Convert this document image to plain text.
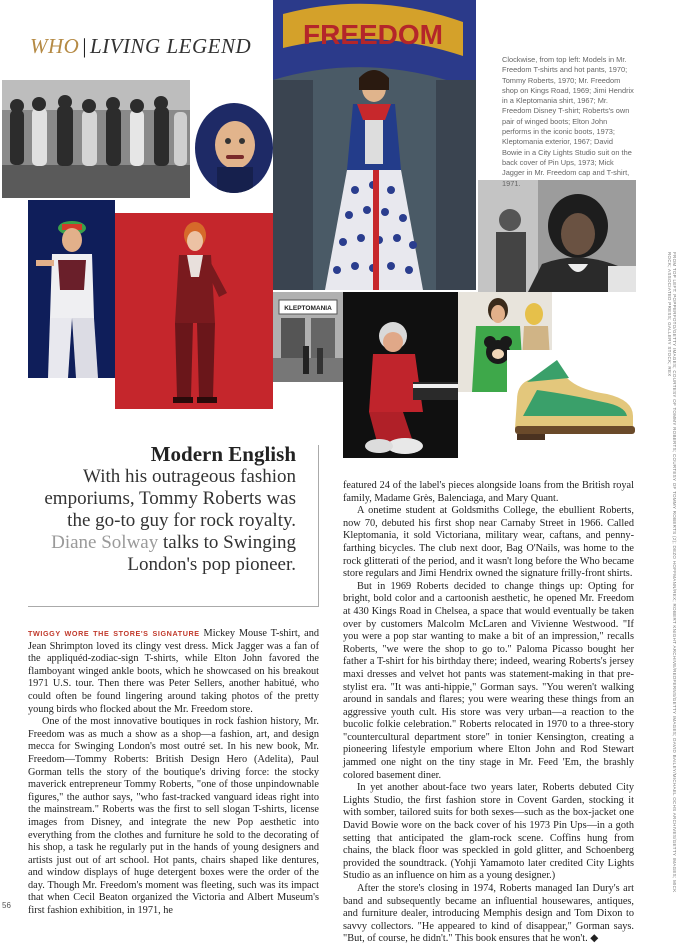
WHO | LIVING LEGEND FREEDOM
KLEPTOMANIA
Clockwise, from top left: Models in Mr. Freedom T-shirts and hot pants, 1970; Tommy Roberts, 1970; Mr. Freedom shop on Kings Road, 1969; Jimi Hendrix in a Kleptomania shirt, 1967; Mr. Freedom Disney T-shirt; Roberts's own pair of winged boots; Elton John performs in the iconic boots, 1973; Kleptomania exterior, 1967; David Bowie in a City Lights Studio suit on the back cover of Pin Ups, 1973; Mick Jagger in Mr. Freedom cap and T-shirt, 1971.
FROM TOP LEFT: POPPERFOTO/GETTY IMAGES; COURTESY OF TOMMY ROBERTS; COURTESY OF TOMMY ROBERTS (2); DEZO HOFFMANN/REX; ROBERT KNIGHT ARCHIVE/REDFERNS/GETTY IMAGES; DAVID BAILEY/MICHAEL OCHS ARCHIVES/GETTY IMAGES; MICK ROCK; ASSOCIATED PRESS; GALLERY STOCK; REX
Modern English
With his outrageous fashion emporiums, Tommy Roberts was the go-to guy for rock royalty. Diane Solway talks to Swinging London's pop pioneer.

TWIGGY WORE THE STORE'S SIGNATURE Mickey Mouse T-shirt, and Jean Shrimpton loved its clingy vest dress. Mick Jagger was a fan of the appliquéd-zodiac-sign T-shirts, while Elton John favored the flamboyant winged ankle boots, which he showcased on his breakout 1971 U.S. tour. Then there was Peter Sellers, another habitué, who could often be found lingering around taking photos of the pretty young birds who flocked about the Mr. Freedom store.

One of the most innovative boutiques in rock fashion history, Mr. Freedom was as much a show as a shop—a fashion, art, and design mecca for Swinging London's most outré set. In his new book, Mr. Freedom—Tommy Roberts: British Design Hero (Adelita), Paul Gorman tells the story of the boutique's driving force: the stocky maverick entrepreneur Tommy Roberts, "one of those unpindownable figures," the author says, "who fast-tracked vanguard ideas right into the mainstream." Roberts was the first to sell slogan T-shirts, license images from Disney, and integrate the new Pop aesthetic into everything from the clothes and furniture he sold to the decorating of his shop, a task he regularly put in the hands of young designers and artists just out of art school. Hot pants, chairs shaped like dentures, and window displays of huge detergent boxes were the order of the day. Though Mr. Freedom's moment was fleeting, such was its impact that when Cecil Beaton organized the Victoria and Albert Museum's first fashion exhibition, in 1971, he

featured 24 of the label's pieces alongside loans from the British royal family, Madame Grès, Balenciaga, and Mary Quant.

A onetime student at Goldsmiths College, the ebullient Roberts, now 70, debuted his first shop near Carnaby Street in 1966. Called Kleptomania, it sold Victoriana, military wear, caftans, and penny-farthing bicycles. The club next door, Bag O'Nails, was home to the rock glitterati of the period, and it wasn't long before the Who became store regulars and Jimi Hendrix owned the signature frilly-front shirts.

But in 1969 Roberts decided to change things up: Opting for bright, bold color and a cartoonish aesthetic, he opened Mr. Freedom at 430 Kings Road in Chelsea, a space that would eventually be taken over by customers Malcolm McLaren and Vivienne Westwood. "If you were a pop star wanting to make a bit of an impression," recalls Roberts, "we were the shop to go to." Paloma Picasso bought her father a T-shirt for his birthday there; indeed, wearing Roberts's jersey maxi dresses and velvet hot pants was statement-making in that pre-stylist era. "It was anti-hippie," Gorman says. "You weren't walking around in sandals and flares; you were wearing these things from an aggressive youth cult. His store was very urban—a reaction to the bucolic folkie celebration." Roberts relocated in 1970 to a three-story "countercultural department store" in tonier Kensington, creating a pioneering lifestyle emporium where Elton John and Rod Stewart jammed one night on the tiny stage in Mr. Feed 'Em, the brashly colored basement diner.

In yet another about-face two years later, Roberts debuted City Lights Studio, the first fashion store in Covent Garden, stocking it with somber, tailored suits for both sexes—such as the box-jacket one David Bowie wore on the back cover of his 1973 Pin Ups—in a goth setting that anticipated the glam-rock scene. Coffins hung from chains, the black floor was speckled in gold glitter, and Schoenberg provided the soundtrack. (Yohji Yamamoto later credited City Lights Studio as an influence on him as a young designer.)

After the store's closing in 1974, Roberts managed Ian Dury's art band and subsequently became an influential housewares, antiques, and furniture dealer, introducing Memphis design and Tom Dixon to savvy collectors. "He appeared to kind of disappear," Gorman says. "But, of course, he didn't." This book ensures that he won't. ◆

56
